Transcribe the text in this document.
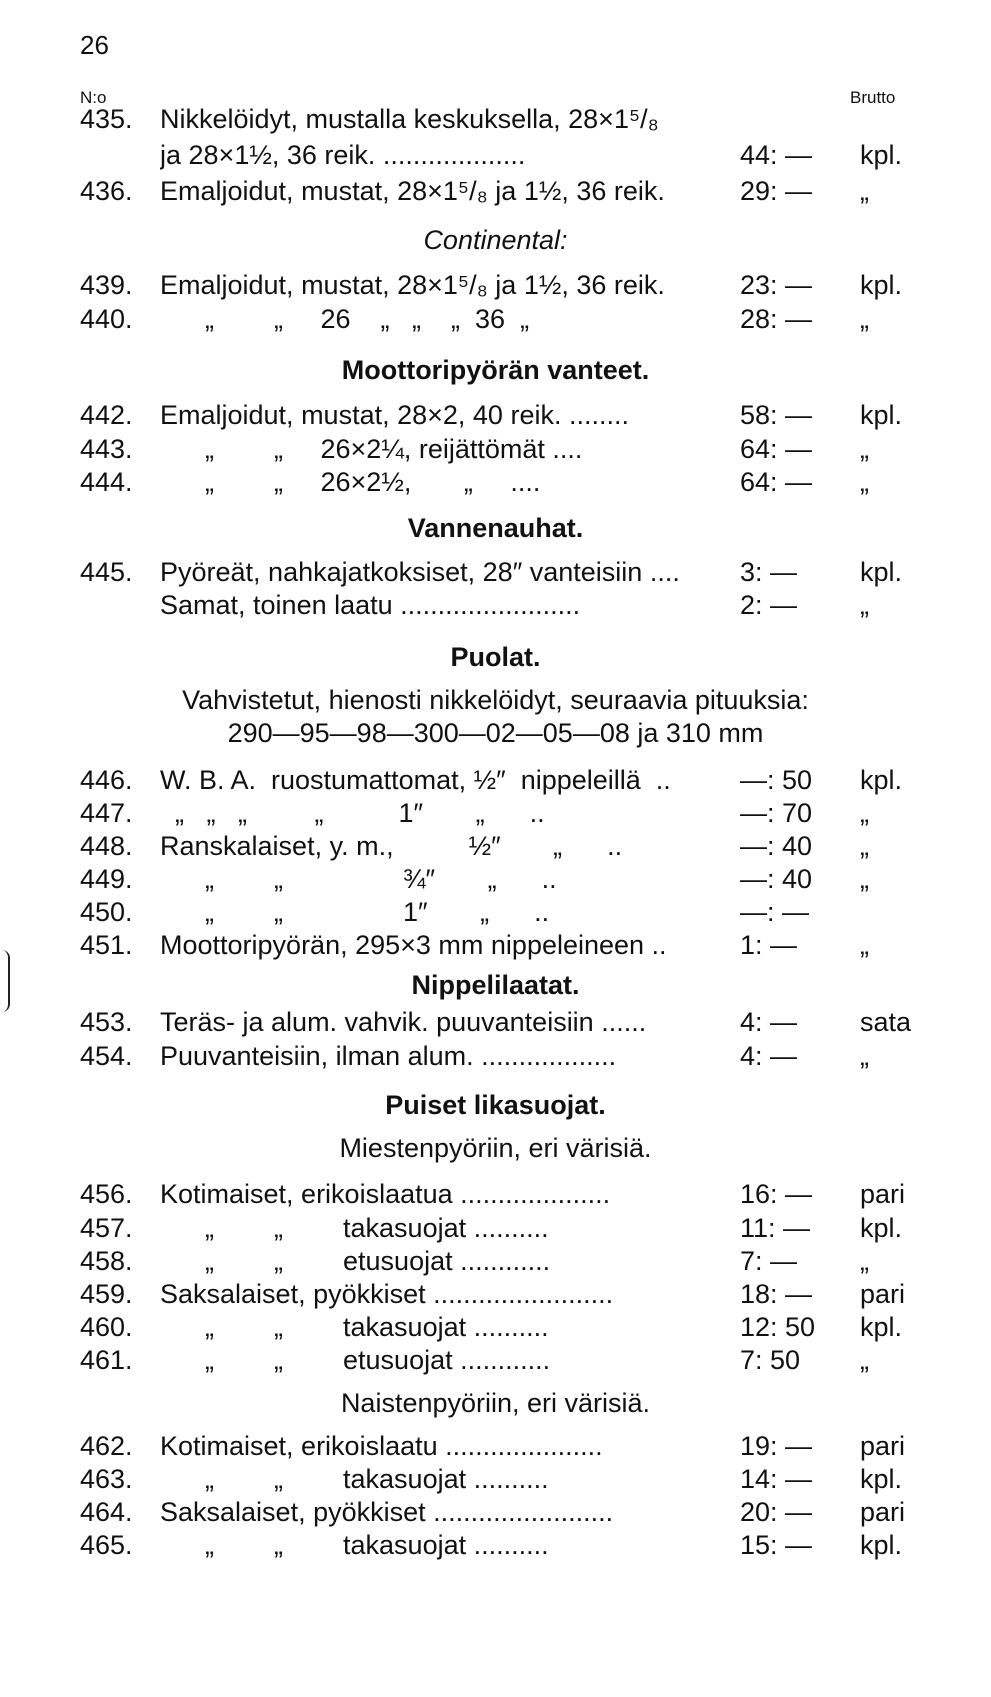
26
N:o	Brutto
435. Nikkelöidyt, mustalla keskuksella, 28×1⁵/₈
ja 28×1½, 36 reik. ...................	44: —	kpl.
436. Emaljoidut, mustat, 28×1⁵/₈ ja 1½, 36 reik.	29: —	„
Continental:
439. Emaljoidut, mustat, 28×1⁵/₈ ja 1½, 36 reik.	23: —	kpl.
440. „        „     26    „   „    „  36  „	28: —	„
Moottoripyörän vanteet.
442. Emaljoidut, mustat, 28×2, 40 reik. ........	58: —	kpl.
443. „        „     26×2¼, reijättömät ....	64: —	„
444. „        „     26×2½,       „     ....	64: —	„
Vannenauhat.
445. Pyöreät, nahkajatkoksiset, 28″ vanteisiin ....	3: —	kpl.
Samat, toinen laatu ........................	2: —	„
Puolat.
Vahvistetut, hienosti nikkelöidyt, seuraavia pituuksia:
290—95—98—300—02—05—08 ja 310 mm
446. W. B. A.  ruostumattomat, ½″  nippeleillä  ..	—: 50	kpl.
447. „   „   „         „          1″       „      ..	—: 70	„
448. Ranskalaiset, y. m.,          ½″       „      ..	—: 40	„
449. „        „                ¾″       „      ..	—: 40	„
450. „        „                1″       „      ..	—: —
451. Moottoripyörän, 295×3 mm nippeleineen ..	1: —	„
Nippelilaatat.
453. Teräs- ja alum. vahvik. puuvanteisiin ......	4: —	sata
454. Puuvanteisiin, ilman alum. ..................	4: —	„
Puiset likasuojat.
Miestenpyöriin, eri värisiä.
456. Kotimaiset, erikoislaatua ....................	16: —	pari
457. „        „        takasuojat ..........	11: —	kpl.
458. „        „        etusuojat ............	7: —	„
459. Saksalaiset, pyökkiset ........................	18: —	pari
460. „        „        takasuojat ..........	12: 50	kpl.
461. „        „        etusuojat ............	7: 50	„
Naistenpyöriin, eri värisiä.
462. Kotimaiset, erikoislaatu .....................	19: —	pari
463. „        „        takasuojat ..........	14: —	kpl.
464. Saksalaiset, pyökkiset ........................	20: —	pari
465. „        „        takasuojat ..........	15: —	kpl.
